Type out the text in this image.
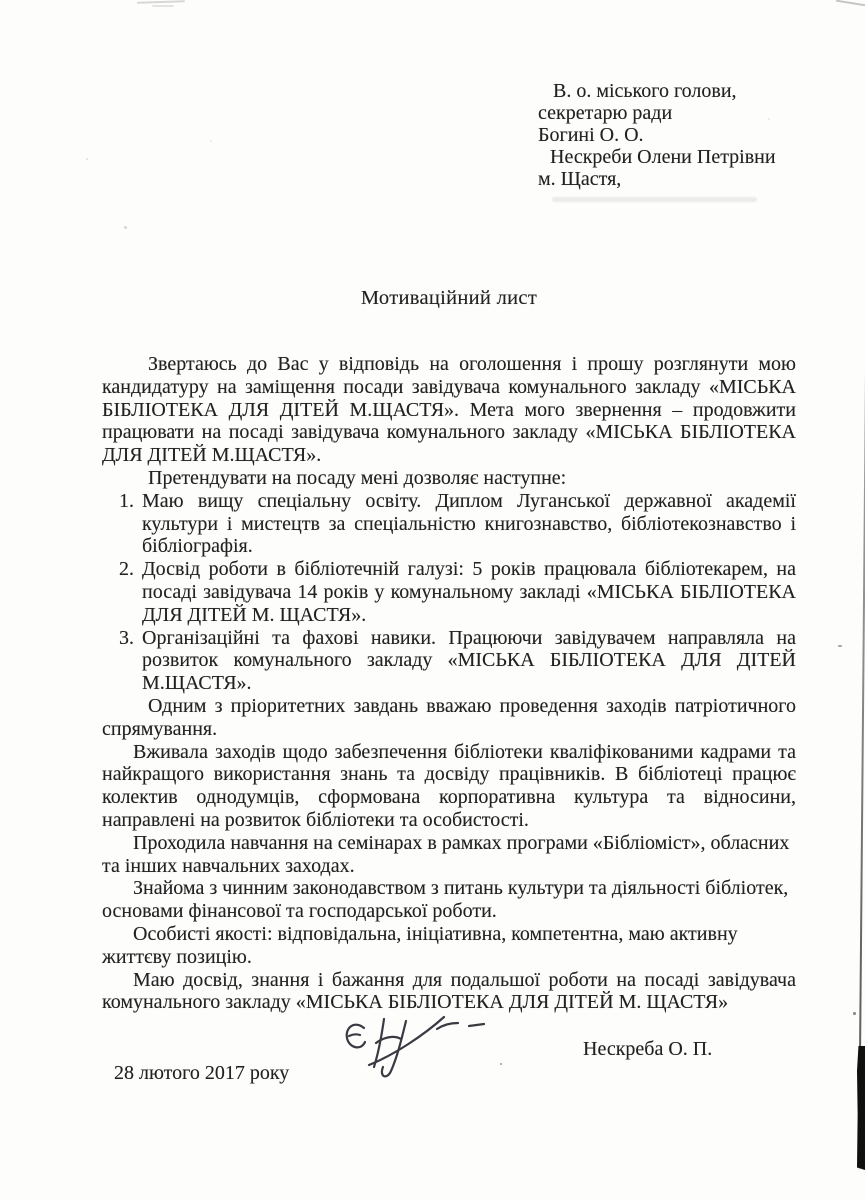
В. о. міського голови,
секретарю ради
Богині О. О.
Нескреби Олени Петрівни
м. Щастя,
Мотиваційний лист

Звертаюсь до Вас у відповідь на оголошення і прошу розглянути мою кандидатуру на заміщення посади завідувача комунального закладу «МІСЬКА БІБЛІОТЕКА ДЛЯ ДІТЕЙ М.ЩАСТЯ». Мета мого звернення – продовжити працювати на посаді завідувача комунального закладу «МІСЬКА БІБЛІОТЕКА ДЛЯ ДІТЕЙ М.ЩАСТЯ».

Претендувати на посаду мені дозволяє наступне:

1. Маю вищу спеціальну освіту. Диплом Луганської державної академії культури і мистецтв за спеціальністю книгознавство, бібліотекознавство і бібліографія.
2. Досвід роботи в бібліотечній галузі: 5 років працювала бібліотекарем, на посаді завідувача 14 років у комунальному закладі «МІСЬКА БІБЛІОТЕКА ДЛЯ ДІТЕЙ М. ЩАСТЯ».
3. Організаційні та фахові навики. Працюючи завідувачем направляла на розвиток комунального закладу «МІСЬКА БІБЛІОТЕКА ДЛЯ ДІТЕЙ М.ЩАСТЯ».

Одним з пріоритетних завдань вважаю проведення заходів патріотичного спрямування.

Вживала заходів щодо забезпечення бібліотеки кваліфікованими кадрами та найкращого використання знань та досвіду працівників. В бібліотеці працює колектив однодумців, сформована корпоративна культура та відносини, направлені на розвиток бібліотеки та особистості.

Проходила навчання на семінарах в рамках програми «Бібліоміст», обласних та інших навчальних заходах.

Знайома з чинним законодавством з питань культури та діяльності бібліотек, основами фінансової та господарської роботи.

Особисті якості: відповідальна, ініціативна, компетентна, маю активну життєву позицію.

Маю досвід, знання і бажання для подальшої роботи на посаді завідувача комунального закладу «МІСЬКА БІБЛІОТЕКА ДЛЯ ДІТЕЙ М. ЩАСТЯ»

Нескреба О. П.
28 лютого 2017 року
